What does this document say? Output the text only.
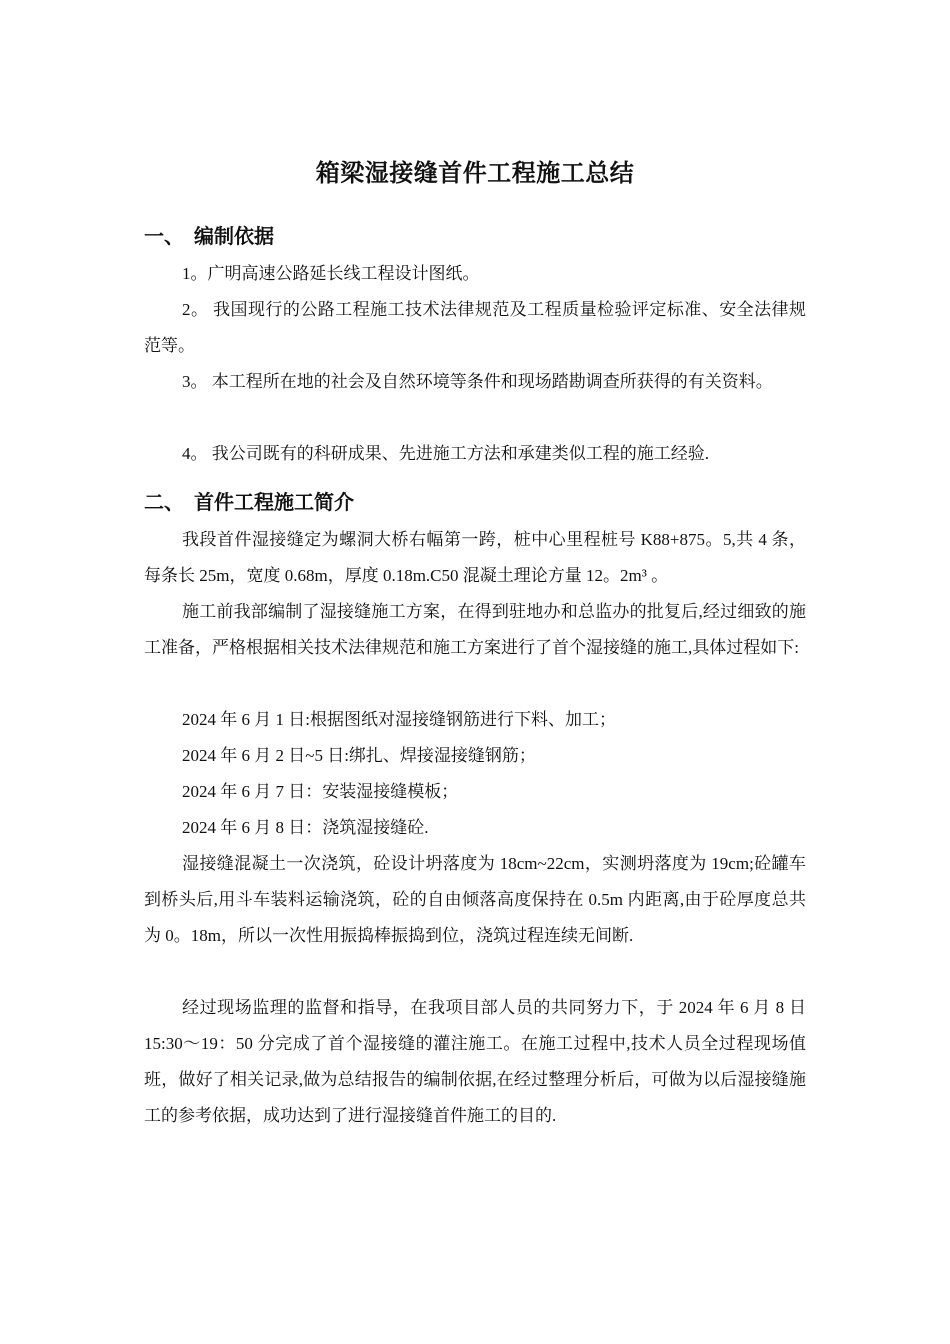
箱梁湿接缝首件工程施工总结
一、 编制依据

1。广明高速公路延长线工程设计图纸。

2。 我国现行的公路工程施工技术法律规范及工程质量检验评定标准、安全法律规范等。

3。 本工程所在地的社会及自然环境等条件和现场踏勘调查所获得的有关资料。

4。 我公司既有的科研成果、先进施工方法和承建类似工程的施工经验.

二、 首件工程施工简介

我段首件湿接缝定为螺洞大桥右幅第一跨，桩中心里程桩号 K88+875。5,共 4 条，每条长 25m，宽度 0.68m，厚度 0.18m.C50 混凝土理论方量 12。2m³ 。

施工前我部编制了湿接缝施工方案，在得到驻地办和总监办的批复后,经过细致的施工准备，严格根据相关技术法律规范和施工方案进行了首个湿接缝的施工,具体过程如下:

2024 年 6 月 1 日:根据图纸对湿接缝钢筋进行下料、加工；

2024 年 6 月 2 日~5 日:绑扎、焊接湿接缝钢筋；

2024 年 6 月 7 日：安装湿接缝模板；

2024 年 6 月 8 日：浇筑湿接缝砼.

湿接缝混凝土一次浇筑，砼设计坍落度为 18cm~22cm，实测坍落度为 19cm;砼罐车到桥头后,用斗车装料运输浇筑，砼的自由倾落高度保持在 0.5m 内距离,由于砼厚度总共为 0。18m，所以一次性用振捣棒振捣到位，浇筑过程连续无间断.

经过现场监理的监督和指导，在我项目部人员的共同努力下，于 2024 年 6 月 8 日 15:30～19：50 分完成了首个湿接缝的灌注施工。在施工过程中,技术人员全过程现场值班，做好了相关记录,做为总结报告的编制依据,在经过整理分析后，可做为以后湿接缝施工的参考依据，成功达到了进行湿接缝首件施工的目的.
